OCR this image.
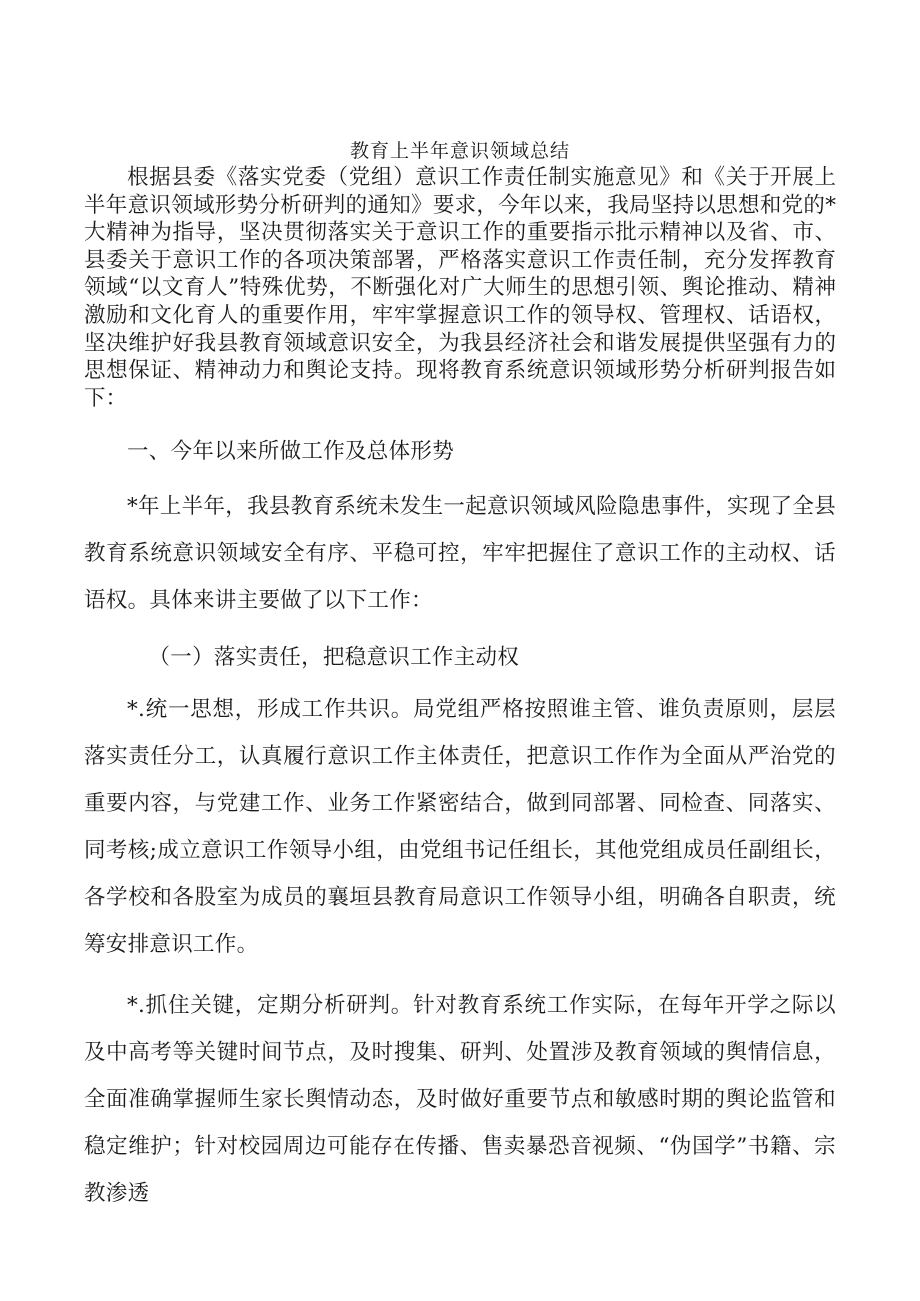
教育上半年意识领域总结

根据县委《落实党委（党组）意识工作责任制实施意见》和《关于开展上半年意识领域形势分析研判的通知》要求，今年以来，我局坚持以思想和党的*大精神为指导，坚决贯彻落实关于意识工作的重要指示批示精神以及省、市、县委关于意识工作的各项决策部署，严格落实意识工作责任制，充分发挥教育领域“以文育人”特殊优势，不断强化对广大师生的思想引领、舆论推动、精神激励和文化育人的重要作用，牢牢掌握意识工作的领导权、管理权、话语权，坚决维护好我县教育领域意识安全，为我县经济社会和谐发展提供坚强有力的思想保证、精神动力和舆论支持。现将教育系统意识领域形势分析研判报告如下：

一、今年以来所做工作及总体形势

*年上半年，我县教育系统未发生一起意识领域风险隐患事件，实现了全县教育系统意识领域安全有序、平稳可控，牢牢把握住了意识工作的主动权、话语权。具体来讲主要做了以下工作：

（一）落实责任，把稳意识工作主动权

*.统一思想，形成工作共识。局党组严格按照谁主管、谁负责原则，层层落实责任分工，认真履行意识工作主体责任，把意识工作作为全面从严治党的重要内容，与党建工作、业务工作紧密结合，做到同部署、同检查、同落实、同考核;成立意识工作领导小组，由党组书记任组长，其他党组成员任副组长，各学校和各股室为成员的襄垣县教育局意识工作领导小组，明确各自职责，统筹安排意识工作。

*.抓住关键，定期分析研判。针对教育系统工作实际，在每年开学之际以及中高考等关键时间节点，及时搜集、研判、处置涉及教育领域的舆情信息，全面准确掌握师生家长舆情动态，及时做好重要节点和敏感时期的舆论监管和稳定维护；针对校园周边可能存在传播、售卖暴恐音视频、“伪国学”书籍、宗教渗透
